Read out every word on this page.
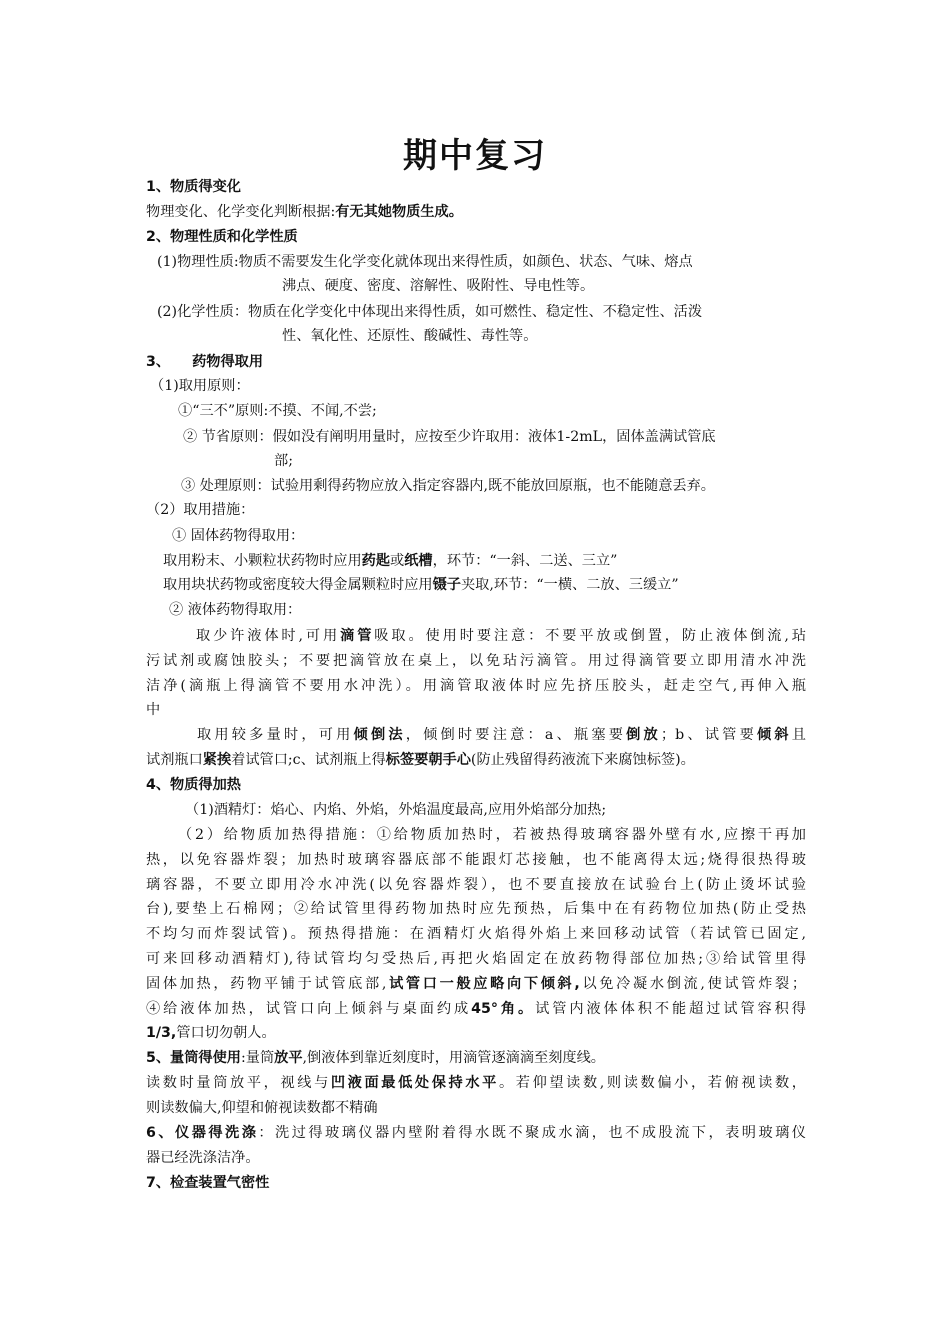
期中复习
1、物质得变化
物理变化、化学变化判断根据:有无其她物质生成。
2、物理性质和化学性质
(1)物理性质:物质不需要发生化学变化就体现出来得性质，如颜色、状态、气味、熔点
沸点、硬度、密度、溶解性、吸附性、导电性等。
(2)化学性质：物质在化学变化中体现出来得性质，如可燃性、稳定性、不稳定性、活泼
性、氧化性、还原性、酸碱性、毒性等。
3、 药物得取用
（1)取用原则：
①“三不”原则:不摸、不闻,不尝;
② 节省原则：假如没有阐明用量时，应按至少许取用：液体1-2mL，固体盖满试管底
部;
③ 处理原则：试验用剩得药物应放入指定容器内,既不能放回原瓶，也不能随意丢弃。
（2）取用措施：
① 固体药物得取用：
取用粉末、小颗粒状药物时应用药匙或纸槽，环节：“一斜、二送、三立”
取用块状药物或密度较大得金属颗粒时应用镊子夹取,环节：“一横、二放、三缓立”
② 液体药物得取用：
取少许液体时,可用滴管吸取。使用时要注意：不要平放或倒置，防止液体倒流,玷
污试剂或腐蚀胶头；不要把滴管放在桌上，以免玷污滴管。用过得滴管要立即用清水冲洗
洁净(滴瓶上得滴管不要用水冲洗）。用滴管取液体时应先挤压胶头，赶走空气,再伸入瓶
中
取用较多量时，可用倾倒法，倾倒时要注意：a、瓶塞要倒放；b、试管要倾斜且
试剂瓶口紧挨着试管口;c、试剂瓶上得标签要朝手心(防止残留得药液流下来腐蚀标签)。
4、物质得加热
（1)酒精灯：焰心、内焰、外焰，外焰温度最高,应用外焰部分加热;
（2）给物质加热得措施：①给物质加热时，若被热得玻璃容器外壁有水,应擦干再加
热，以免容器炸裂；加热时玻璃容器底部不能跟灯芯接触，也不能离得太远;烧得很热得玻
璃容器，不要立即用冷水冲洗(以免容器炸裂），也不要直接放在试验台上(防止烫坏试验
台),要垫上石棉网；②给试管里得药物加热时应先预热，后集中在有药物位加热(防止受热
不均匀而炸裂试管)。预热得措施：在酒精灯火焰得外焰上来回移动试管（若试管已固定,
可来回移动酒精灯),待试管均匀受热后,再把火焰固定在放药物得部位加热;③给试管里得
固体加热，药物平铺于试管底部,试管口一般应略向下倾斜,以免冷凝水倒流,使试管炸裂；
④给液体加热，试管口向上倾斜与桌面约成45°角。试管内液体体积不能超过试管容积得
1/3,管口切勿朝人。
5、量筒得使用:量筒放平,倒液体到靠近刻度时，用滴管逐滴滴至刻度线。
读数时量筒放平，视线与凹液面最低处保持水平。若仰望读数,则读数偏小，若俯视读数，
则读数偏大,仰望和俯视读数都不精确
6、仪器得洗涤：洗过得玻璃仪器内壁附着得水既不聚成水滴，也不成股流下，表明玻璃仪
器已经洗涤洁净。
7、检查装置气密性
